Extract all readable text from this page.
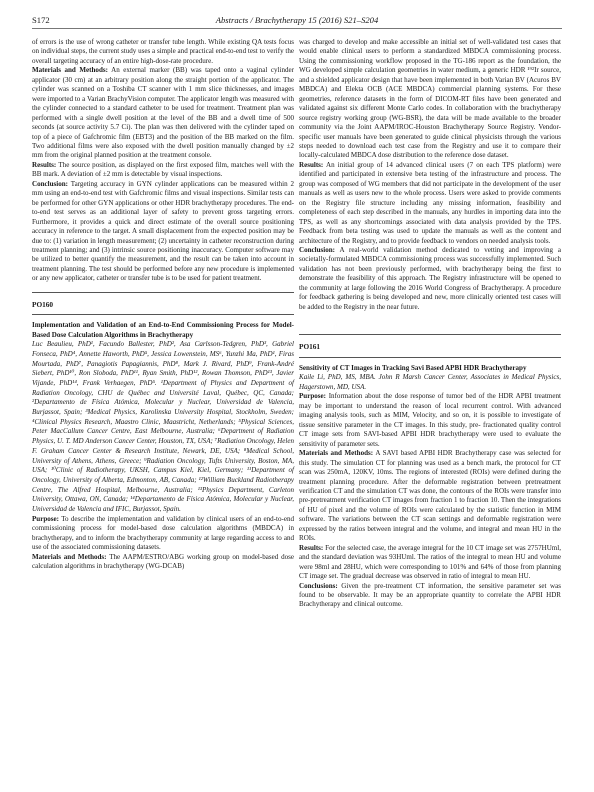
S172	Abstracts / Brachytherapy 15 (2016) S21–S204

of errors is the use of wrong catheter or transfer tube length. While existing QA tests focus on individual steps, the current study uses a simple and practical end-to-end test to verify the overall targeting accuracy of an entire high-dose-rate procedure.

Materials and Methods: An external marker (BB) was taped onto a vaginal cylinder applicator (30 cm) at an arbitrary position along the straight portion of the applicator. The cylinder was scanned on a Toshiba CT scanner with 1 mm slice thicknesses, and images were imported to a Varian BrachyVision computer. The applicator length was measured with the cylinder connected to a standard catheter to be used for treatment. Treatment plan was performed with a single dwell position at the level of the BB and a dwell time of 500 seconds (at source activity 5.7 Ci). The plan was then delivered with the cylinder taped on top of a piece of Gafchromic film (EBT3) and the position of the BB marked on the film. Two additional films were also exposed with the dwell position manually changed by ±2 mm from the original planned position at the treatment console.

Results: The source position, as displayed on the first exposed film, matches well with the BB mark. A deviation of ±2 mm is detectable by visual inspections.

Conclusion: Targeting accuracy in GYN cylinder applications can be measured within 2 mm using an end-to-end test with Gafchromic films and visual inspections. Similar tests can be performed for other GYN applications or other HDR brachytherapy procedures. The end-to-end test serves as an additional layer of safety to prevent gross targeting errors. Furthermore, it provides a quick and direct estimate of the overall source positioning accuracy in reference to the target. A small displacement from the expected position may be due to: (1) variation in length measurement; (2) uncertainty in catheter reconstruction during treatment planning; and (3) intrinsic source positioning inaccuracy. Computer software may be utilized to better quantify the measurement, and the result can be taken into account in treatment planning. The test should be performed before any new procedure is implemented or any new applicator, catheter or transfer tube is to be used for patient treatment.

PO160

Implementation and Validation of an End-to-End Commissioning Process for Model-Based Dose Calculation Algorithms in Brachytherapy

Luc Beaulieu, PhD¹, Facundo Ballester, PhD², Asa Carlsson-Tedgren, PhD³, Gabriel Fonseca, PhD⁴, Annette Haworth, PhD⁵, Jessica Lowenstein, MS⁶, Yunzhi Ma, PhD¹, Firas Mourtada, PhD⁷, Panagiotis Papagiannis, PhD⁸, Mark J. Rivard, PhD⁹, Frank-André Siebert, PhD¹⁰, Ron Sloboda, PhD¹¹, Ryan Smith, PhD¹², Rowan Thomson, PhD¹³, Javier Vijande, PhD¹⁴, Frank Verhaegen, PhD⁵. ¹Department of Physics and Department of Radiation Oncology, CHU de Québec and Université Laval, Québec, QC, Canada; ²Departamento de Física Atómica, Molecular y Nuclear, Universidad de Valencia, Burjassot, Spain; ³Medical Physics, Karolinska University Hospital, Stockholm, Sweden; ⁴Clinical Physics Research, Maastro Clinic, Maastricht, Netherlands; ⁵Physical Sciences, Peter MacCallum Cancer Centre, East Melbourne, Australia; ⁶Department of Radiation Physics, U. T. MD Anderson Cancer Center, Houston, TX, USA; ⁷Radiation Oncology, Helen F. Graham Cancer Center & Research Institute, Newark, DE, USA; ⁸Medical School, University of Athens, Athens, Greece; ⁹Radiation Oncology, Tufts University, Boston, MA, USA; ¹⁰Clinic of Radiotherapy, UKSH, Campus Kiel, Kiel, Germany; ¹¹Department of Oncology, University of Alberta, Edmonton, AB, Canada; ¹²William Buckland Radiotherapy Centre, The Alfred Hospital, Melbourne, Australia; ¹³Physics Department, Carleton University, Ottawa, ON, Canada; ¹⁴Departamento de Física Atómica, Molecular y Nuclear, Universidad de Valencia and IFIC, Burjassot, Spain.

Purpose: To describe the implementation and validation by clinical users of an end-to-end commissioning process for model-based dose calculation algorithms (MBDCA) in brachytherapy, and to inform the brachytherapy community at large regarding access to and use of the associated commissioning datasets.

Materials and Methods: The AAPM/ESTRO/ABG working group on model-based dose calculation algorithms in brachytherapy (WG-DCAB)

was charged to develop and make accessible an initial set of well-validated test cases that would enable clinical users to perform a standardized MBDCA commissioning process. Using the commissioning workflow proposed in the TG-186 report as the foundation, the WG developed simple calculation geometries in water medium, a generic HDR ¹⁹²Ir source, and a shielded applicator design that have been implemented in both Varian BV (Acuros BV MBDCA) and Elekta OCB (ACE MBDCA) commercial planning systems. For these geometries, reference datasets in the form of DICOM-RT files have been generated and validated against six different Monte Carlo codes. In collaboration with the brachytherapy source registry working group (WG-BSR), the data will be made available to the broader community via the Joint AAPM/IROC-Houston Brachytherapy Source Registry. Vendor-specific user manuals have been generated to guide clinical physicists through the various steps needed to download each test case from the Registry and use it to compare their locally-calculated MBDCA dose distribution to the reference dose dataset.

Results: An initial group of 14 advanced clinical users (7 on each TPS platform) were identified and participated in extensive beta testing of the infrastructure and process. The group was composed of WG members that did not participate in the development of the user manuals as well as users new to the whole process. Users were asked to provide comments on the Registry file structure including any missing information, feasibility and completeness of each step described in the manuals, any hurdles in importing data into the TPS, as well as any shortcomings associated with data analysis provided by the TPS. Feedback from beta testing was used to update the manuals as well as the content and architecture of the Registry, and to provide feedback to vendors on needed analysis tools.

Conclusion: A real-world validation method dedicated to vetting and improving a societally-formulated MBDCA commissioning process was successfully implemented. Such validation has not been previously performed, with brachytherapy being the first to demonstrate the feasibility of this approach. The Registry infrastructure will be opened to the community at large following the 2016 World Congress of Brachytherapy. A procedure for feedback gathering is being developed and new, more clinically oriented test cases will be added to the Registry in the near future.

PO161

Sensitivity of CT Images in Tracking Savi Based APBI HDR Brachytherapy

Kaile Li, PhD, MS, MBA. John R Marsh Cancer Center, Associates in Medical Physics, Hagerstown, MD, USA.

Purpose: Information about the dose response of tumor bed of the HDR APBI treatment may be important to understand the reason of local recurrent control. With advanced imaging analysis tools, such as MIM, Velocity, and so on, it is possible to investigate of tissue sensitive parameter in the CT images. In this study, pre- fractionated quality control CT image sets from SAVI-based APBI HDR brachytherapy were used to evaluate the sensitivity of parameter sets.

Materials and Methods: A SAVI based APBI HDR Brachytherapy case was selected for this study. The simulation CT for planning was used as a bench mark, the protocol for CT scan was 250mA, 120KV, 10ms. The regions of interested (ROIs) were defined during the treatment planning procedure. After the deformable registration between pretreatment verification CT and the simulation CT was done, the contours of the ROIs were transfer into pre-pretreatment verification CT images from fraction 1 to fraction 10. Then the integrations of HU of pixel and the volume of ROIs were calculated by the statistic function in MIM software. The variations between the CT scan settings and deformable registration were expressed by the ratios between integral and the volume, and integral and mean HU in the ROIs.

Results: For the selected case, the average integral for the 10 CT image set was 2757HUml, and the standard deviation was 93HUml. The ratios of the integral to mean HU and volume were 98ml and 28HU, which were corresponding to 101% and 64% of those from planning CT image set. The gradual decrease was observed in ratio of integral to mean HU.

Conclusions: Given the pre-treatment CT information, the sensitive parameter set was found to be observable. It may be an appropriate quantity to correlate the APBI HDR Brachytherapy and clinical outcome.
